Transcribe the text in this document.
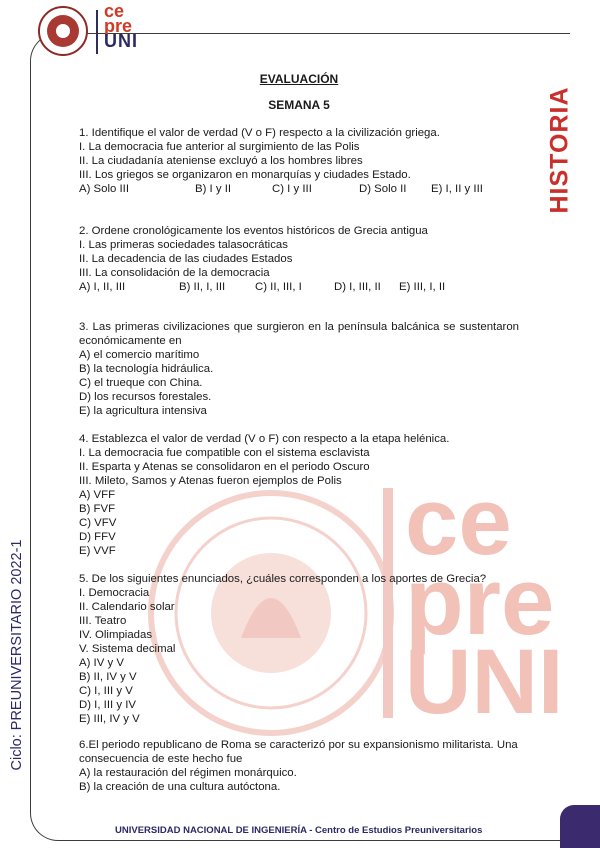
ce
pre
UNI
ce
pre
UNI
HISTORIA
Ciclo: PREUNIVERSITARIO 2022-1
EVALUACIÓN
SEMANA 5

1. Identifique el valor de verdad (V o F) respecto a la civilización griega.

I. La democracia fue anterior al surgimiento de las Polis

II. La ciudadanía ateniense excluyó a los hombres libres

III. Los griegos se organizaron en monarquías y ciudades Estado.

A) Solo III	B) I y II	C) I y III	D) Solo II	E) I, II y III

2. Ordene cronológicamente los eventos históricos de Grecia antigua

I. Las primeras sociedades talasocráticas

II. La decadencia de las ciudades Estados

III. La consolidación de la democracia

A) I, II, III	B) II, I, III	C) II, III, I	D) I, III, II	E) III, I, II

3. Las primeras civilizaciones que surgieron en la península balcánica se sustentaron económicamente en

A) el comercio marítimo

B) la tecnología hidráulica.

C) el trueque con China.

D) los recursos forestales.

E) la agricultura intensiva

4. Establezca el valor de verdad (V o F) con respecto a la etapa helénica.

I. La democracia fue compatible con el sistema esclavista

II. Esparta y Atenas se consolidaron en el periodo Oscuro

III. Mileto, Samos y Atenas fueron ejemplos de Polis

A) VFF

B) FVF

C) VFV

D) FFV

E) VVF

5. De los siguientes enunciados, ¿cuáles corresponden a los aportes de Grecia?

I. Democracia

II. Calendario solar

III. Teatro

IV. Olimpiadas

V. Sistema decimal

A) IV y V

B) II, IV y V

C) I, III y V

D) I, III y IV

E) III, IV y V

6.El periodo republicano de Roma se caracterizó por su expansionismo militarista. Una consecuencia de este hecho fue

A) la restauración del régimen monárquico.

B) la creación de una cultura autóctona.

UNIVERSIDAD NACIONAL DE INGENIERÍA - Centro de Estudios Preuniversitarios
